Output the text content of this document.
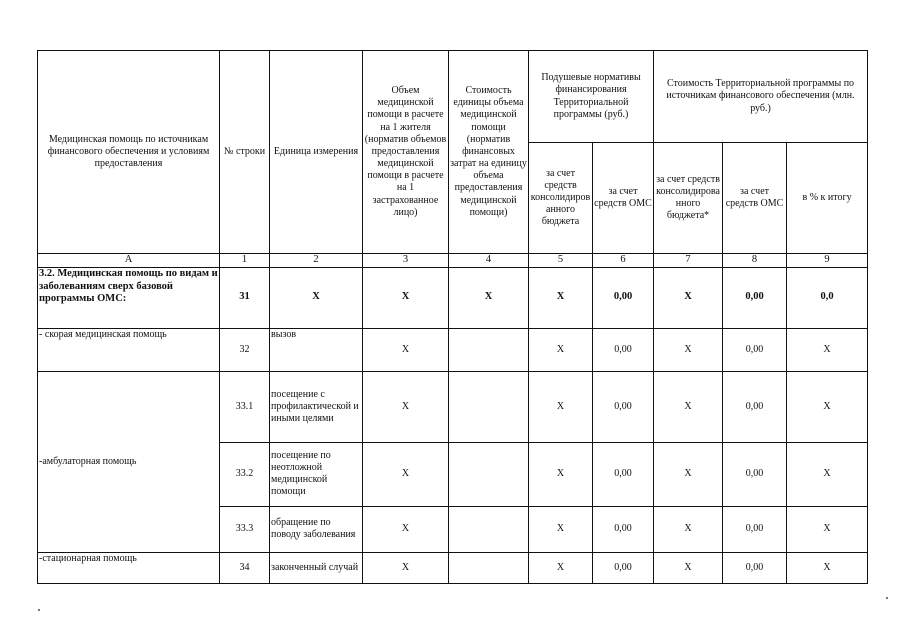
Медицинская помощь по источникам финансового обеспечения и условиям предоставления	№ строки	Единица измерения	Объем медицинской помощи в расчете на 1 жителя (норматив объемов предоставления медицинской помощи в расчете на 1 застрахованное лицо)	Стоимость единицы объема медицинской помощи (норматив финансовых затрат на единицу объема предоставления медицинской помощи)	Подушевые нормативы финансирования Территориальной программы (руб.)		Стоимость Территориальной программы по источникам финансового обеспечения (млн. руб.)		
					за счет средств консолидированного бюджета	за счет средств ОМС	за счет средств консолидированного бюджета*	за счет средств ОМС	в % к итогу
А	1	2	3	4	5	6	7	8	9
3.2. Медицинская помощь по видам и заболеваниям сверх базовой программы ОМС:	31	Х	Х	Х	Х	0,00	Х	0,00	0,0
- скорая медицинская помощь	32	вызов	Х		Х	0,00	Х	0,00	Х
-амбулаторная помощь	33.1	посещение с профилактической и иными целями	Х		Х	0,00	Х	0,00	Х
	33.2	посещение по неотложной медицинской помощи	Х		Х	0,00	Х	0,00	Х
	33.3	обращение по поводу заболевания	Х		Х	0,00	Х	0,00	Х
-стационарная помощь	34	законченный случай	Х		Х	0,00	Х	0,00	Х
